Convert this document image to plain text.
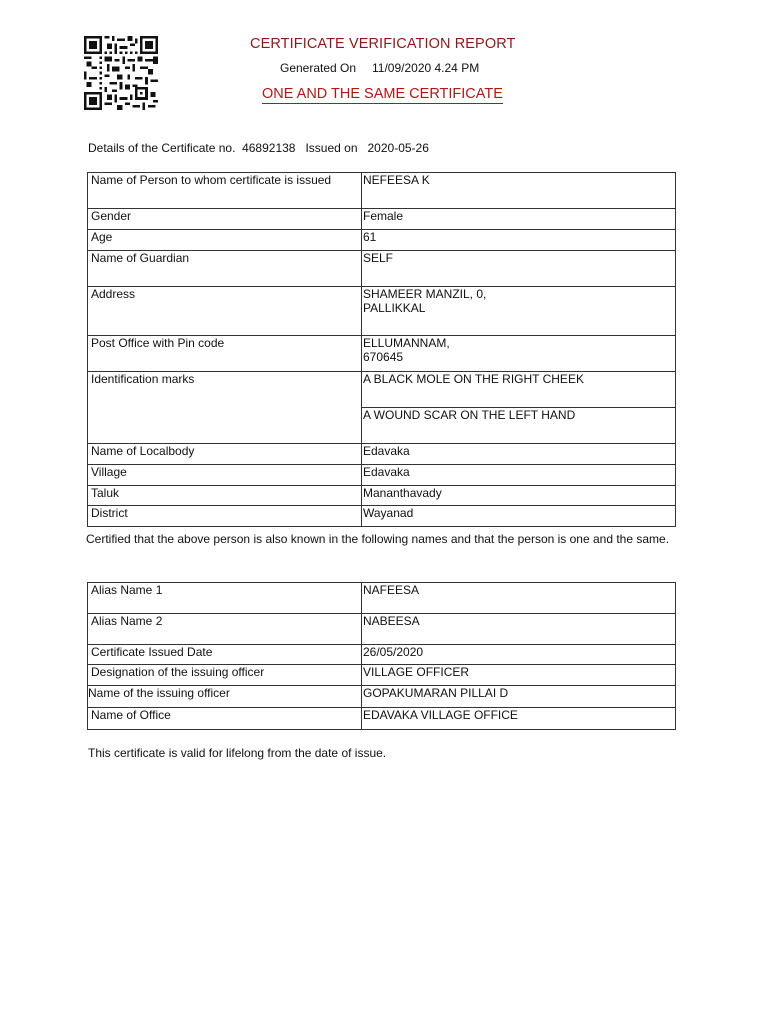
CERTIFICATE VERIFICATION REPORT
Generated On 11/09/2020 4.24 PM
ONE AND THE SAME CERTIFICATE
Details of the Certificate no.  46892138   Issued on   2020-05-26
Name of Person to whom certificate is issued	NEFEESA K
Gender	Female
Age	61
Name of Guardian	SELF
Address	SHAMEER MANZIL, 0, PALLIKKAL
Post Office with Pin code	ELLUMANNAM, 670645
Identification marks	A BLACK MOLE ON THE RIGHT CHEEK
	A WOUND SCAR ON THE LEFT HAND
Name of Localbody	Edavaka
Village	Edavaka
Taluk	Mananthavady
District	Wayanad
Certified that the above person is also known in the following names and that the person is one and the same.
Alias Name 1	NAFEESA
Alias Name 2	NABEESA
Certificate Issued Date	26/05/2020
Designation of the issuing officer	VILLAGE OFFICER
Name of the issuing officer	GOPAKUMARAN PILLAI D
Name of Office	EDAVAKA VILLAGE OFFICE
This certificate is valid for lifelong from the date of issue.
